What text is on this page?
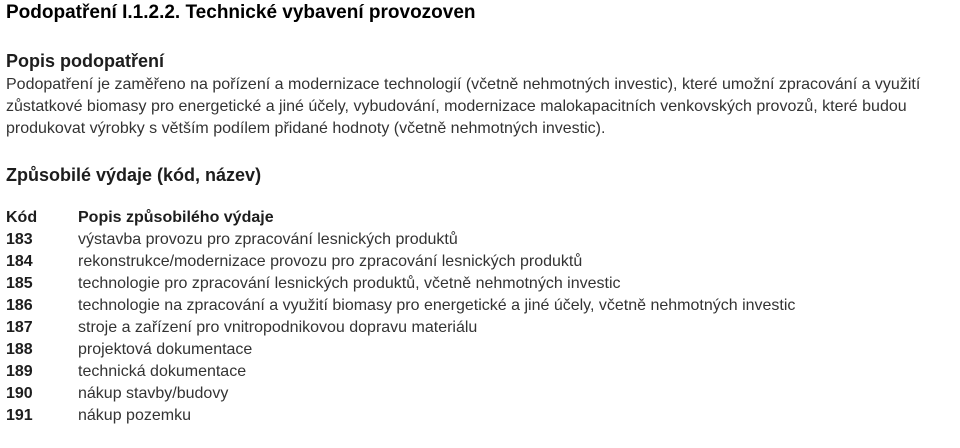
Podopatření I.1.2.2. Technické vybavení provozoven
Popis podopatření

Podopatření je zaměřeno na pořízení a modernizace technologií (včetně nehmotných investic), které umožní zpracování a využití zůstatkové biomasy pro energetické a jiné účely, vybudování, modernizace malokapacitních venkovských provozů, které budou produkovat výrobky s větším podílem přidané hodnoty (včetně nehmotných investic).

Způsobilé výdaje (kód, název)
Kód	Popis způsobilého výdaje
183	výstavba provozu pro zpracování lesnických produktů
184	rekonstrukce/modernizace provozu pro zpracování lesnických produktů
185	technologie pro zpracování lesnických produktů, včetně nehmotných investic
186	technologie na zpracování a využití biomasy pro energetické a jiné účely, včetně nehmotných investic
187	stroje a zařízení pro vnitropodnikovou dopravu materiálu
188	projektová dokumentace
189	technická dokumentace
190	nákup stavby/budovy
191	nákup pozemku
